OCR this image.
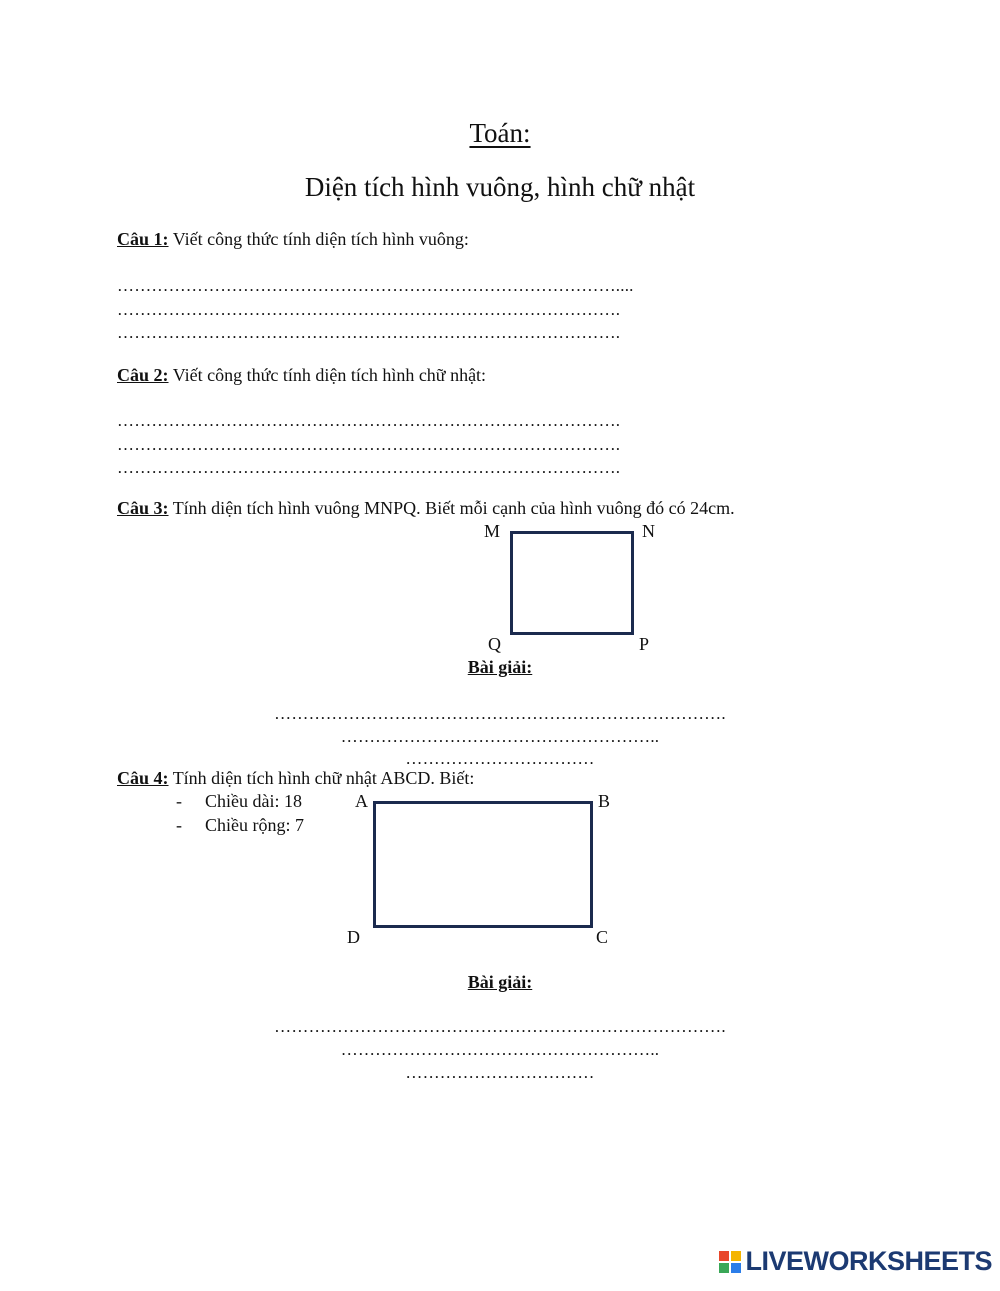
Toán:
Diện tích hình vuông, hình chữ nhật
Câu 1: Viết công thức tính diện tích hình vuông:
……………………………………………………………………………....
…………………………………………………………………………….
…………………………………………………………………………….
Câu 2: Viết công thức tính diện tích hình chữ nhật:
…………………………………………………………………………….
…………………………………………………………………………….
…………………………………………………………………………….
Câu 3: Tính diện tích hình vuông MNPQ. Biết mỗi cạnh của hình vuông đó có 24cm.
M	N
P
Q
Bài giải:
…………………………………………………………………….
………………………………………………..
……………………………
Câu 4: Tính diện tích hình chữ nhật ABCD. Biết:
- Chiều dài: 18
- Chiều rộng: 7
A	B
C
D
Bài giải:
…………………………………………………………………….
………………………………………………..
……………………………
LIVEWORKSHEETS
